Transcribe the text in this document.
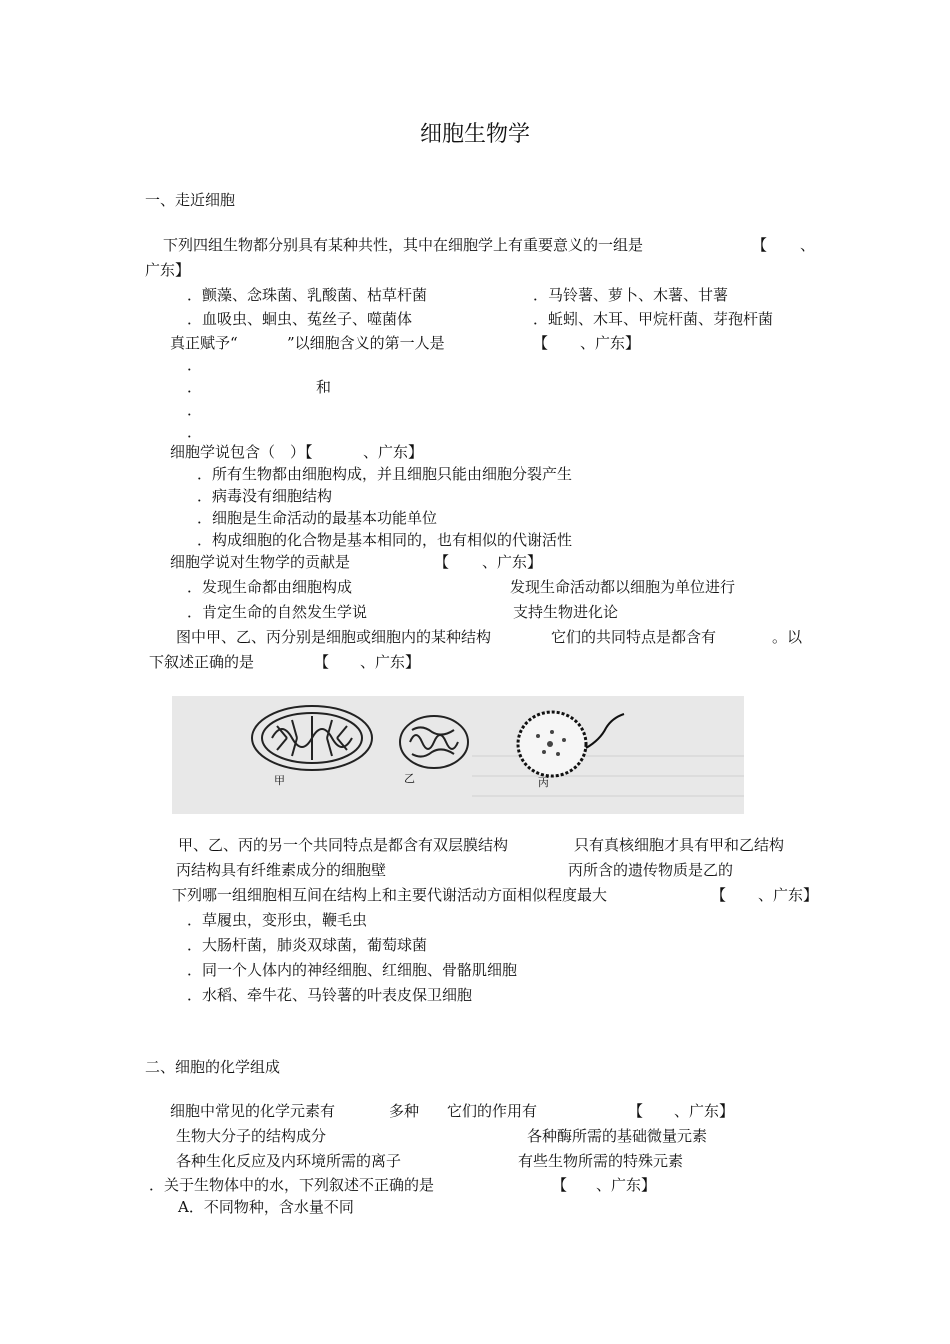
细胞生物学
一、走近细胞
下列四组生物都分别具有某种共性，其中在细胞学上有重要意义的一组是	【 、
广东】
．颤藻、念珠菌、乳酸菌、枯草杆菌	．马铃薯、萝卜、木薯、甘薯
．血吸虫、蛔虫、菟丝子、噬菌体	．蚯蚓、木耳、甲烷杆菌、芽孢杆菌
真正赋予“	”以细胞含义的第一人是	【 、广东】
．
．	和
．
．
细胞学说包含（　）【	、广东】
．所有生物都由细胞构成，并且细胞只能由细胞分裂产生
．病毒没有细胞结构
．细胞是生命活动的最基本功能单位
．构成细胞的化合物是基本相同的，也有相似的代谢活性
细胞学说对生物学的贡献是	【 、广东】
．发现生命都由细胞构成	发现生命活动都以细胞为单位进行
．肯定生命的自然发生学说	支持生物进化论
图中甲、乙、丙分别是细胞或细胞内的某种结构	它们的共同特点是都含有	。以
下叙述正确的是	【 、广东】
甲	乙	丙
甲、乙、丙的另一个共同特点是都含有双层膜结构	只有真核细胞才具有甲和乙结构
丙结构具有纤维素成分的细胞壁	丙所含的遗传物质是乙的
下列哪一组细胞相互间在结构上和主要代谢活动方面相似程度最大	【 、广东】
．草履虫，变形虫，鞭毛虫
．大肠杆菌，肺炎双球菌，葡萄球菌
．同一个人体内的神经细胞、红细胞、骨骼肌细胞
．水稻、牵牛花、马铃薯的叶表皮保卫细胞
二、细胞的化学组成
细胞中常见的化学元素有	多种 它们的作用有	【 、广东】
生物大分子的结构成分	各种酶所需的基础微量元素
各种生化反应及内环境所需的离子	有些生物所需的特殊元素
．关于生物体中的水，下列叙述不正确的是	【 、广东】
A．不同物种，含水量不同
